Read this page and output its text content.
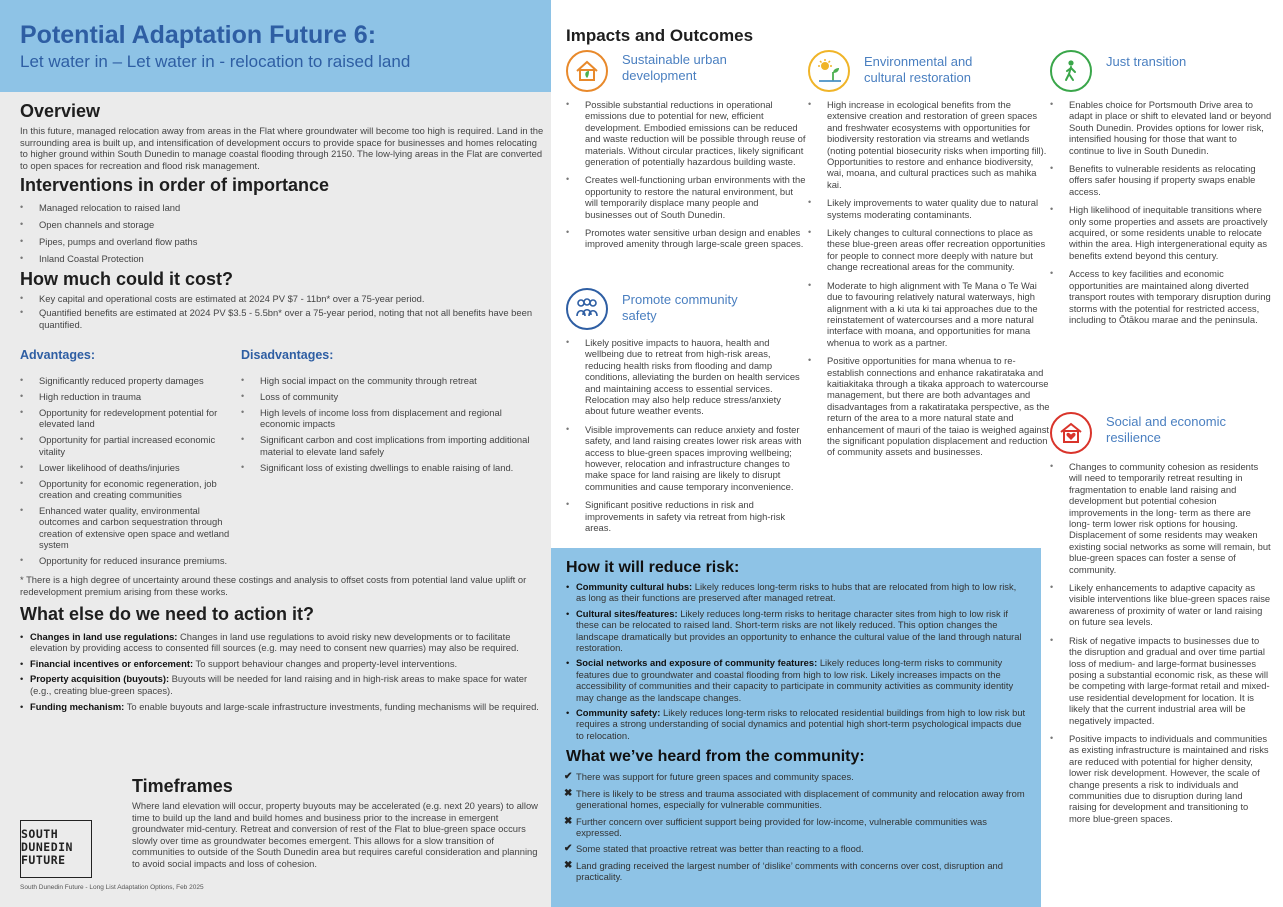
Potential Adaptation Future 6:
Let water in – Let water in - relocation to raised land
Overview

In this future, managed relocation away from areas in the Flat where groundwater will become too high is required. Land in the surrounding area is built up, and intensification of development occurs to provide space for businesses and homes relocating to higher ground within South Dunedin to manage coastal flooding through 2150. The low-lying areas in the Flat are converted to open spaces for recreation and flood risk management.

Interventions in order of importance
• Managed relocation to raised land
• Open channels and storage
• Pipes, pumps and overland flow paths
• Inland Coastal Protection
How much could it cost?
• Key capital and operational costs are estimated at 2024 PV $7 - 11bn* over a 75-year period.
• Quantified benefits are estimated at 2024 PV $3.5 - 5.5bn* over a 75-year period, noting that not all benefits have been quantified.
Advantages:
• Significantly reduced property damages
• High reduction in trauma
• Opportunity for redevelopment potential for elevated land
• Opportunity for partial increased economic vitality
• Lower likelihood of deaths/injuries
• Opportunity for economic regeneration, job creation and creating communities
• Enhanced water quality, environmental outcomes and carbon sequestration through creation of extensive open space and wetland system
• Opportunity for reduced insurance premiums.
Disadvantages:
• High social impact on the community through retreat
• Loss of community
• High levels of income loss from displacement and regional economic impacts
• Significant carbon and cost implications from importing additional material to elevate land safely
• Significant loss of existing dwellings to enable raising of land.

* There is a high degree of uncertainty around these costings and analysis to offset costs from potential land value uplift or redevelopment premium arising from these works.

What else do we need to action it?
• Changes in land use regulations: Changes in land use regulations to avoid risky new developments or to facilitate elevation by providing access to consented fill sources (e.g. may need to consent new quarries) may also be required.
• Financial incentives or enforcement: To support behaviour changes and property-level interventions.
• Property acquisition (buyouts): Buyouts will be needed for land raising and in high-risk areas to make space for water (e.g., creating blue-green spaces).
• Funding mechanism: To enable buyouts and large-scale infrastructure investments, funding mechanisms will be required.
Timeframes

Where land elevation will occur, property buyouts may be accelerated (e.g. next 20 years) to allow time to build up the land and build homes and business prior to the increase in emergent groundwater mid-century. Retreat and conversion of rest of the Flat to blue-green space occurs slowly over time as groundwater becomes emergent. This allows for a slow transition of communities to outside of the South Dunedin area but requires careful consideration and planning to avoid social impacts and loss of cohesion.

SOUTH
DUNEDIN
FUTURE
South Dunedin Future - Long List Adaptation Options, Feb 2025
Impacts and Outcomes
Sustainable urban development
• Possible substantial reductions in operational emissions due to potential for new, efficient development. Embodied emissions can be reduced and waste reduction will be possible through reuse of materials. Without circular practices, likely significant generation of potentially hazardous building waste.
• Creates well-functioning urban environments with the opportunity to restore the natural environment, but will temporarily displace many people and businesses out of South Dunedin.
• Promotes water sensitive urban design and enables improved amenity through large-scale green spaces.
Promote community safety
• Likely positive impacts to hauora, health and wellbeing due to retreat from high-risk areas, reducing health risks from flooding and damp conditions, alleviating the burden on health services and maintaining access to essential services. Relocation may also help reduce stress/anxiety about future weather events.
• Visible improvements can reduce anxiety and foster safety, and land raising creates lower risk areas with access to blue-green spaces improving wellbeing; however, relocation and infrastructure changes to make space for land raising are likely to disrupt communities and cause temporary inconvenience.
• Significant positive reductions in risk and improvements in safety via retreat from high-risk areas.
Environmental and cultural restoration
• High increase in ecological benefits from the extensive creation and restoration of green spaces and freshwater ecosystems with opportunities for biodiversity restoration via streams and wetlands (noting potential biosecurity risks when importing fill). Opportunities to restore and enhance biodiversity, wai, moana, and cultural practices such as mahika kai.
• Likely improvements to water quality due to natural systems moderating contaminants.
• Likely changes to cultural connections to place as these blue-green areas offer recreation opportunities for people to connect more deeply with nature but change recreational areas for the community.
• Moderate to high alignment with Te Mana o Te Wai due to favouring relatively natural waterways, high alignment with a ki uta ki tai approaches due to the reinstatement of watercourses and a more natural interface with moana, and opportunities for mana whenua to work as a partner.
• Positive opportunities for mana whenua to re-establish connections and enhance rakatirataka and kaitiakitaka through a tikaka approach to watercourse management, but there are both advantages and disadvantages from a rakatirataka perspective, as the return of the area to a more natural state and enhancement of mauri of the taiao is weighed against the significant population displacement and reduction of community assets and businesses.
Just transition
• Enables choice for Portsmouth Drive area to adapt in place or shift to elevated land or beyond South Dunedin. Provides options for lower risk, intensified housing for those that want to continue to live in South Dunedin.
• Benefits to vulnerable residents as relocating offers safer housing if property swaps enable access.
• High likelihood of inequitable transitions where only some properties and assets are proactively acquired, or some residents unable to relocate within the area. High intergenerational equity as benefits extend beyond this century.
• Access to key facilities and economic opportunities are maintained along diverted transport routes with temporary disruption during storms with the potential for restricted access, including to Ōtākou marae and the peninsula.
Social and economic resilience
• Changes to community cohesion as residents will need to temporarily retreat resulting in fragmentation to enable land raising and development but potential cohesion improvements in the long- term as there are long- term lower risk options for housing. Displacement of some residents may weaken existing social networks as some will remain, but blue-green spaces can foster a sense of community.
• Likely enhancements to adaptive capacity as visible interventions like blue-green spaces raise awareness of proximity of water or land raising on future sea levels.
• Risk of negative impacts to businesses due to the disruption and gradual and over time partial loss of medium- and large-format businesses posing a substantial economic risk, as these will be competing with large-format retail and mixed-use residential development for location. It is likely that the current industrial area will be negatively impacted.
• Positive impacts to individuals and communities as existing infrastructure is maintained and risks are reduced with potential for higher density, lower risk development. However, the scale of change presents a risk to individuals and communities due to disruption during land raising for development and transitioning to more blue-green spaces.
How it will reduce risk:
• Community cultural hubs: Likely reduces long-term risks to hubs that are relocated from high to low risk, as long as their functions are preserved after managed retreat.
• Cultural sites/features: Likely reduces long-term risks to heritage character sites from high to low risk if these can be relocated to raised land. Short-term risks are not likely reduced. This option changes the landscape dramatically but provides an opportunity to enhance the cultural value of the land through natural restoration.
• Social networks and exposure of community features: Likely reduces long-term risks to community features due to groundwater and coastal flooding from high to low risk. Likely increases impacts on the accessibility of communities and their capacity to participate in community activities as community identity may change as the landscape changes.
• Community safety: Likely reduces long-term risks to relocated residential buildings from high to low risk but requires a strong understanding of social dynamics and potential high short-term psychological impacts due to relocation.
What we’ve heard from the community:
✔ There was support for future green spaces and community spaces.
✖ There is likely to be stress and trauma associated with displacement of community and relocation away from generational homes, especially for vulnerable communities.
✖ Further concern over sufficient support being provided for low-income, vulnerable communities was expressed.
✔ Some stated that proactive retreat was better than reacting to a flood.
✖ Land grading received the largest number of ‘dislike’ comments with concerns over cost, disruption and practicality.
